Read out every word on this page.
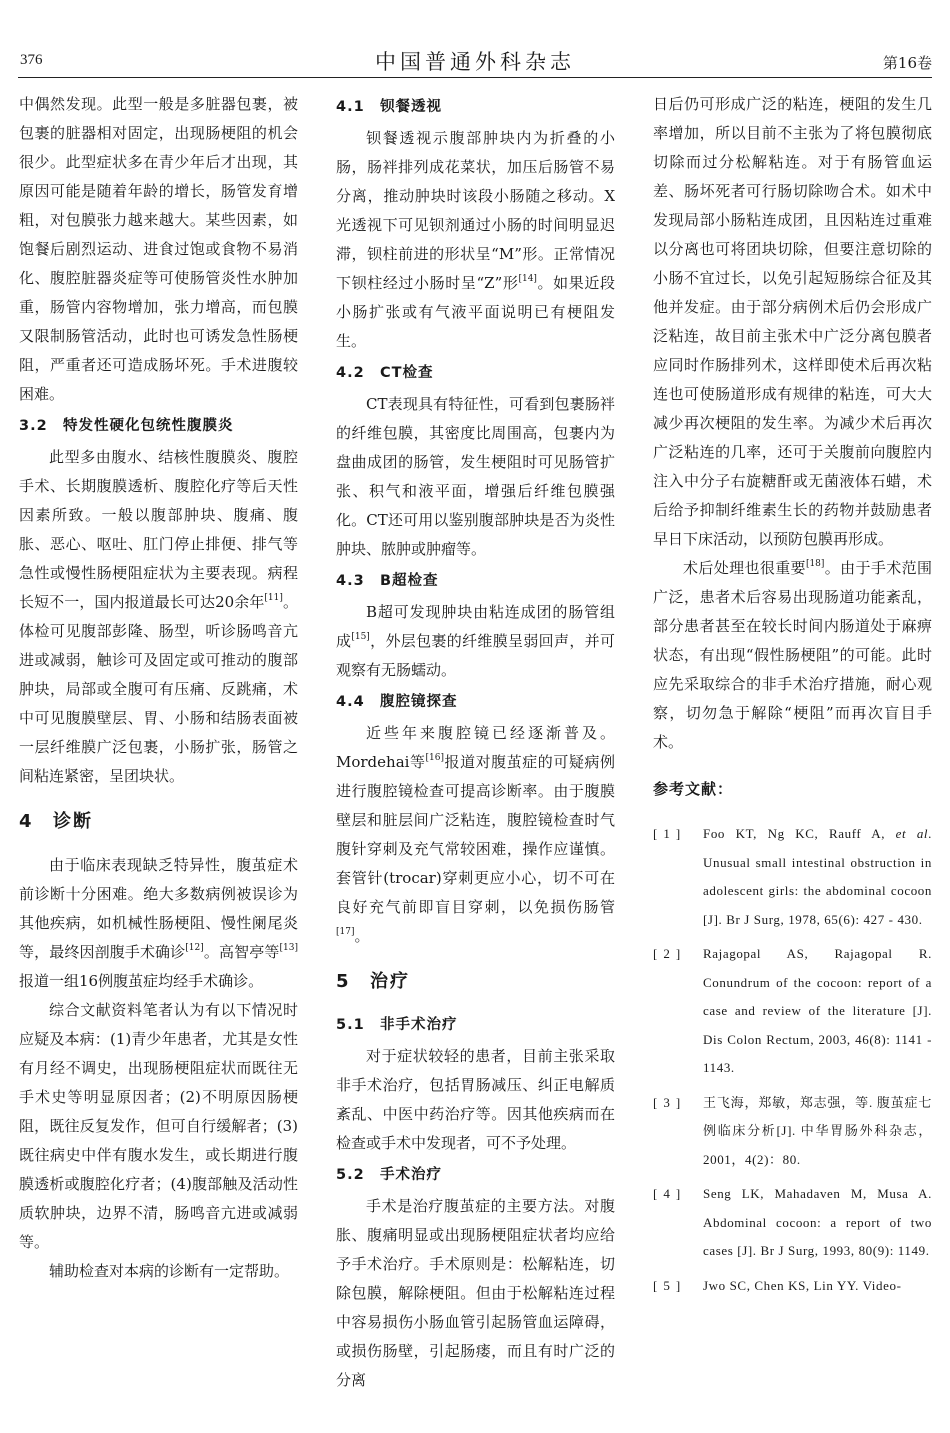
376	中国普通外科杂志	第16卷

中偶然发现。此型一般是多脏器包裹，被包裹的脏器相对固定，出现肠梗阻的机会很少。此型症状多在青少年后才出现，其原因可能是随着年龄的增长，肠管发育增粗，对包膜张力越来越大。某些因素，如饱餐后剧烈运动、进食过饱或食物不易消化、腹腔脏器炎症等可使肠管炎性水肿加重，肠管内容物增加，张力增高，而包膜又限制肠管活动，此时也可诱发急性肠梗阻，严重者还可造成肠坏死。手术进腹较困难。

3.2 特发性硬化包统性腹膜炎

此型多由腹水、结核性腹膜炎、腹腔手术、长期腹膜透析、腹腔化疗等后天性因素所致。一般以腹部肿块、腹痛、腹胀、恶心、呕吐、肛门停止排便、排气等急性或慢性肠梗阻症状为主要表现。病程长短不一，国内报道最长可达20余年[11]。体检可见腹部彭隆、肠型，听诊肠鸣音亢进或减弱，触诊可及固定或可推动的腹部肿块，局部或全腹可有压痛、反跳痛，术中可见腹膜壁层、胃、小肠和结肠表面被一层纤维膜广泛包裹，小肠扩张，肠管之间粘连紧密，呈团块状。

4 诊断

由于临床表现缺乏特异性，腹茧症术前诊断十分困难。绝大多数病例被误诊为其他疾病，如机械性肠梗阻、慢性阑尾炎等，最终因剖腹手术确诊[12]。高智亭等[13]报道一组16例腹茧症均经手术确诊。

综合文献资料笔者认为有以下情况时应疑及本病：(1)青少年患者，尤其是女性有月经不调史，出现肠梗阻症状而既往无手术史等明显原因者；(2)不明原因肠梗阻，既往反复发作，但可自行缓解者；(3)既往病史中伴有腹水发生，或长期进行腹膜透析或腹腔化疗者；(4)腹部触及活动性质软肿块，边界不清，肠鸣音亢进或减弱等。

辅助检查对本病的诊断有一定帮助。

4.1 钡餐透视

钡餐透视示腹部肿块内为折叠的小肠，肠袢排列成花菜状，加压后肠管不易分离，推动肿块时该段小肠随之移动。X光透视下可见钡剂通过小肠的时间明显迟滞，钡柱前进的形状呈“M”形。正常情况下钡柱经过小肠时呈“Z”形[14]。如果近段小肠扩张或有气液平面说明已有梗阻发生。

4.2 CT检查

CT表现具有特征性，可看到包裹肠袢的纤维包膜，其密度比周围高，包裹内为盘曲成团的肠管，发生梗阻时可见肠管扩张、积气和液平面，增强后纤维包膜强化。CT还可用以鉴别腹部肿块是否为炎性肿块、脓肿或肿瘤等。

4.3 B超检查

B超可发现肿块由粘连成团的肠管组成[15]，外层包裹的纤维膜呈弱回声，并可观察有无肠蠕动。

4.4 腹腔镜探查

近些年来腹腔镜已经逐渐普及。Mordehai等[16]报道对腹茧症的可疑病例进行腹腔镜检查可提高诊断率。由于腹膜壁层和脏层间广泛粘连，腹腔镜检查时气腹针穿刺及充气常较困难，操作应谨慎。套管针(trocar)穿刺更应小心，切不可在良好充气前即盲目穿刺，以免损伤肠管[17]。

5 治疗
5.1 非手术治疗

对于症状较轻的患者，目前主张采取非手术治疗，包括胃肠减压、纠正电解质紊乱、中医中药治疗等。因其他疾病而在检查或手术中发现者，可不予处理。

5.2 手术治疗

手术是治疗腹茧症的主要方法。对腹胀、腹痛明显或出现肠梗阻症状者均应给予手术治疗。手术原则是：松解粘连，切除包膜，解除梗阻。但由于松解粘连过程中容易损伤小肠血管引起肠管血运障碍，或损伤肠壁，引起肠瘘，而且有时广泛的分离

日后仍可形成广泛的粘连，梗阻的发生几率增加，所以目前不主张为了将包膜彻底切除而过分松解粘连。对于有肠管血运差、肠坏死者可行肠切除吻合术。如术中发现局部小肠粘连成团，且因粘连过重难以分离也可将团块切除，但要注意切除的小肠不宜过长，以免引起短肠综合征及其他并发症。由于部分病例术后仍会形成广泛粘连，故目前主张术中广泛分离包膜者应同时作肠排列术，这样即使术后再次粘连也可使肠道形成有规律的粘连，可大大减少再次梗阻的发生率。为减少术后再次广泛粘连的几率，还可于关腹前向腹腔内注入中分子右旋糖酐或无菌液体石蜡，术后给予抑制纤维素生长的药物并鼓励患者早日下床活动，以预防包膜再形成。

术后处理也很重要[18]。由于手术范围广泛，患者术后容易出现肠道功能紊乱，部分患者甚至在较长时间内肠道处于麻痹状态，有出现“假性肠梗阻”的可能。此时应先采取综合的非手术治疗措施，耐心观察，切勿急于解除“梗阻”而再次盲目手术。

参考文献：
[1]	Foo KT, Ng KC, Rauff A, et al. Unusual small intestinal obstruction in adolescent girls: the abdominal cocoon [J]. Br J Surg, 1978, 65(6): 427 - 430.
[2]	Rajagopal AS, Rajagopal R. Conundrum of the cocoon: report of a case and review of the literature [J]. Dis Colon Rectum, 2003, 46(8): 1141 - 1143.
[3]	王飞海，郑敏，郑志强，等. 腹茧症七例临床分析[J]. 中华胃肠外科杂志，2001，4(2)：80.
[4]	Seng LK, Mahadaven M, Musa A. Abdominal cocoon: a report of two cases [J]. Br J Surg, 1993, 80(9): 1149.
[5]	Jwo SC, Chen KS, Lin YY. Video-
